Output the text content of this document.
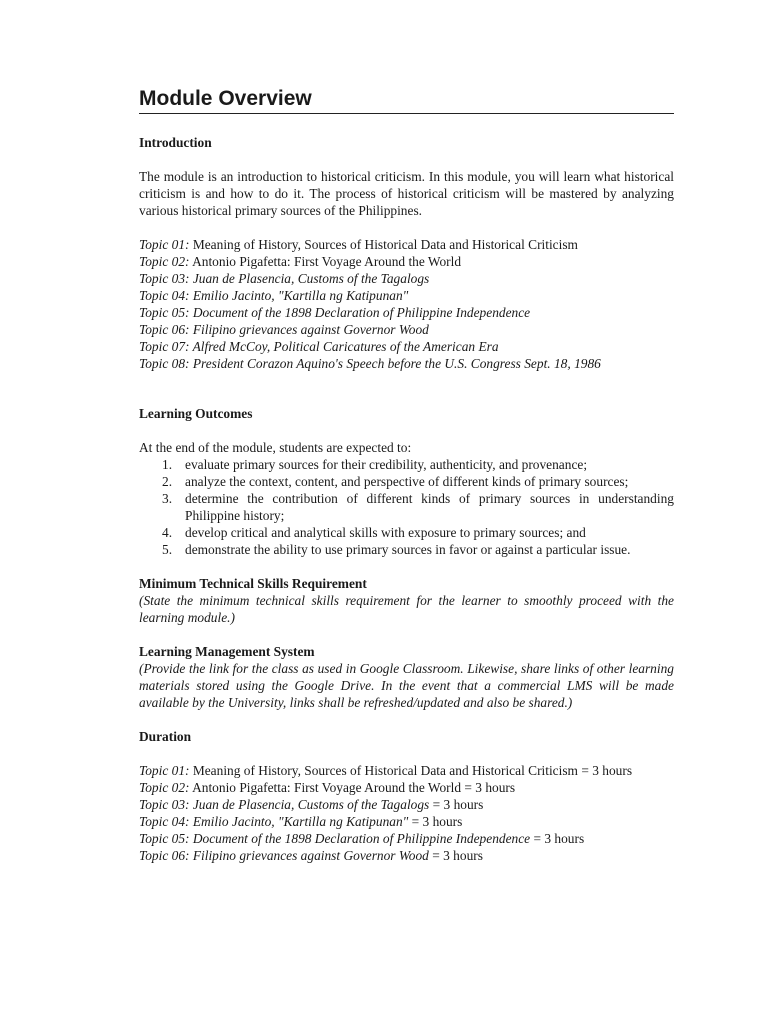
Module Overview

Introduction

The module is an introduction to historical criticism. In this module, you will learn what historical criticism is and how to do it. The process of historical criticism will be mastered by analyzing various historical primary sources of the Philippines.

Topic 01: Meaning of History, Sources of Historical Data and Historical Criticism

Topic 02: Antonio Pigafetta: First Voyage Around the World

Topic 03: Juan de Plasencia, Customs of the Tagalogs

Topic 04: Emilio Jacinto, "Kartilla ng Katipunan"

Topic 05: Document of the 1898 Declaration of Philippine Independence

Topic 06: Filipino grievances against Governor Wood

Topic 07: Alfred McCoy, Political Caricatures of the American Era

Topic 08: President Corazon Aquino's Speech before the U.S. Congress Sept. 18, 1986

Learning Outcomes

At the end of the module, students are expected to:

1. evaluate primary sources for their credibility, authenticity, and provenance;
2. analyze the context, content, and perspective of different kinds of primary sources;
3. determine the contribution of different kinds of primary sources in understanding Philippine history;
4. develop critical and analytical skills with exposure to primary sources; and
5. demonstrate the ability to use primary sources in favor or against a particular issue.

Minimum Technical Skills Requirement

(State the minimum technical skills requirement for the learner to smoothly proceed with the learning module.)

Learning Management System

(Provide the link for the class as used in Google Classroom. Likewise, share links of other learning materials stored using the Google Drive. In the event that a commercial LMS will be made available by the University, links shall be refreshed/updated and also be shared.)

Duration

Topic 01: Meaning of History, Sources of Historical Data and Historical Criticism = 3 hours

Topic 02: Antonio Pigafetta: First Voyage Around the World = 3 hours

Topic 03: Juan de Plasencia, Customs of the Tagalogs = 3 hours

Topic 04: Emilio Jacinto, "Kartilla ng Katipunan" = 3 hours

Topic 05: Document of the 1898 Declaration of Philippine Independence = 3 hours

Topic 06: Filipino grievances against Governor Wood = 3 hours
